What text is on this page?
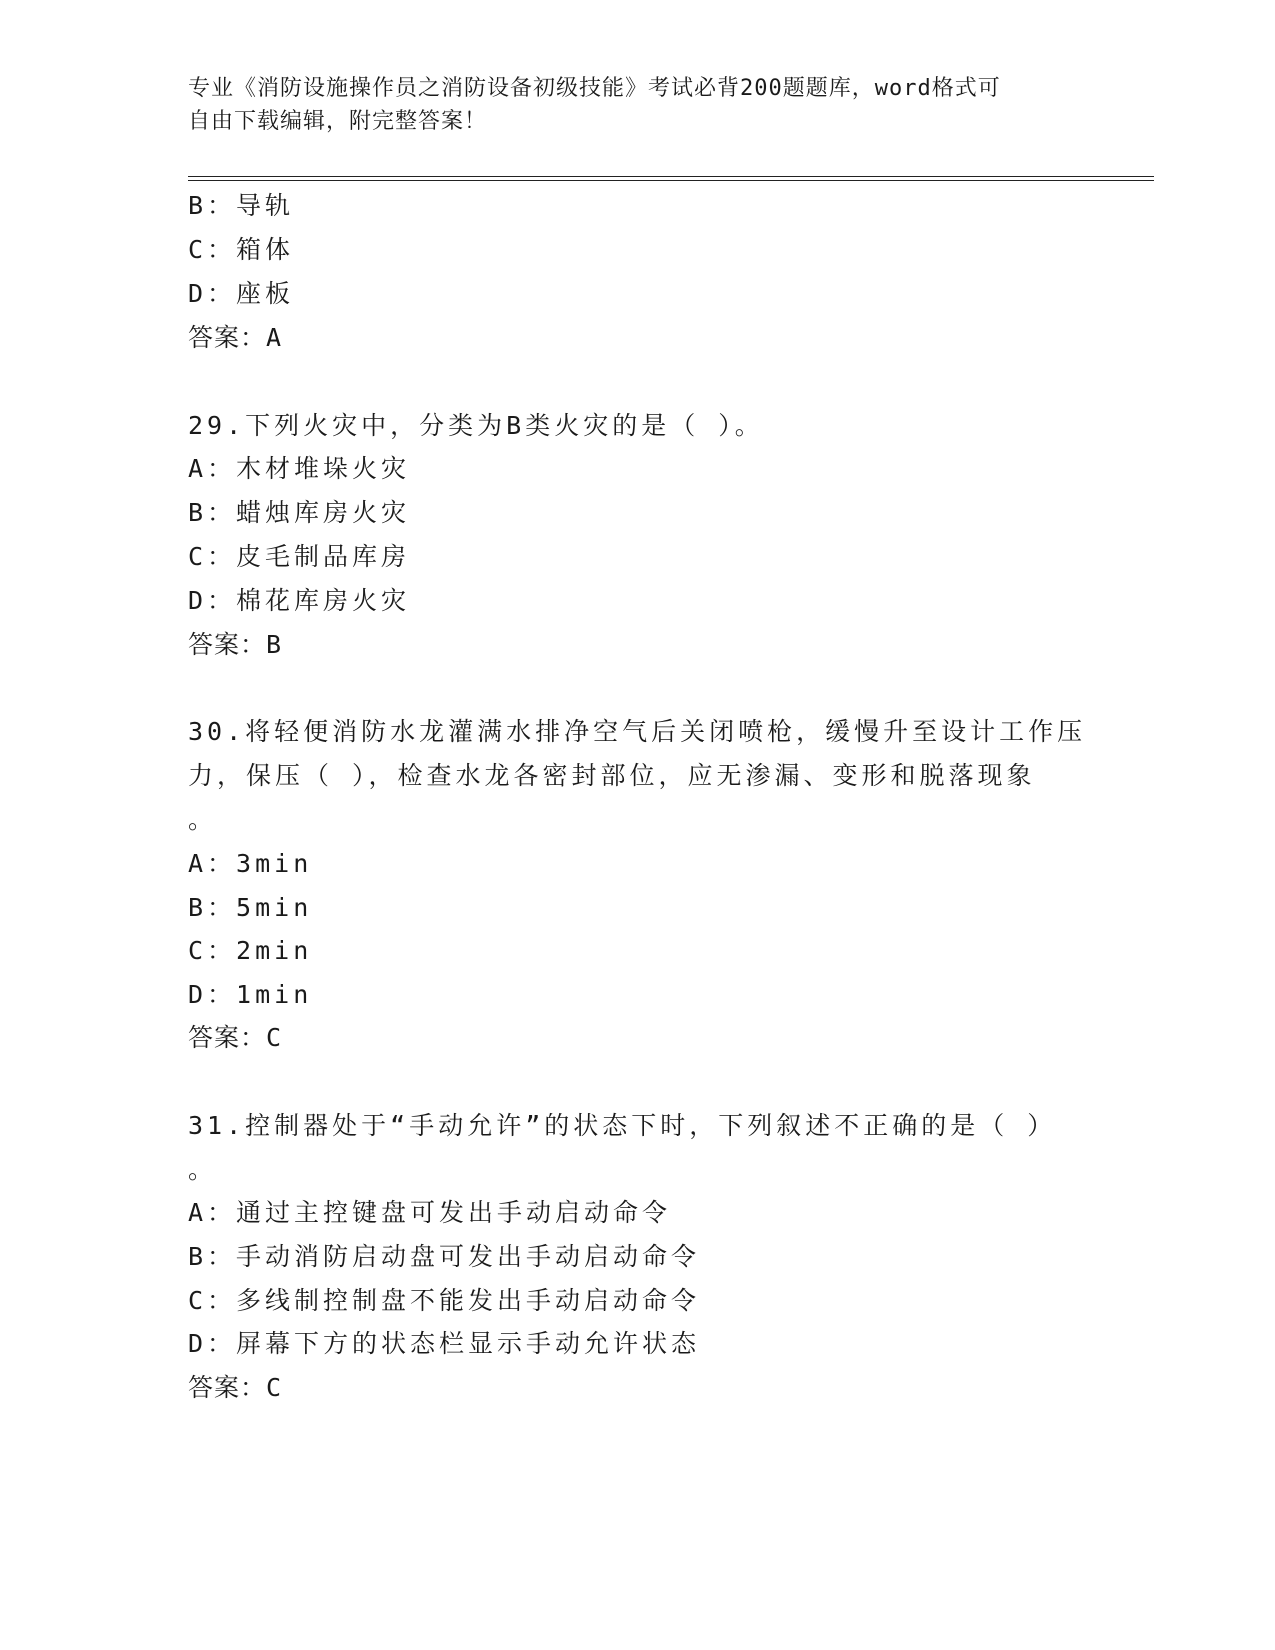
专业《消防设施操作员之消防设备初级技能》考试必背200题题库，word格式可
自由下载编辑，附完整答案！
B：导轨
C：箱体
D：座板
答案：A
29.下列火灾中，分类为B类火灾的是（ ）。
A：木材堆垛火灾
B：蜡烛库房火灾
C：皮毛制品库房
D：棉花库房火灾
答案：B
30.将轻便消防水龙灌满水排净空气后关闭喷枪，缓慢升至设计工作压
力，保压（ ），检查水龙各密封部位，应无渗漏、变形和脱落现象
。
A：3min
B：5min
C：2min
D：1min
答案：C
31.控制器处于“手动允许”的状态下时，下列叙述不正确的是（ ）
。
A：通过主控键盘可发出手动启动命令
B：手动消防启动盘可发出手动启动命令
C：多线制控制盘不能发出手动启动命令
D：屏幕下方的状态栏显示手动允许状态
答案：C
